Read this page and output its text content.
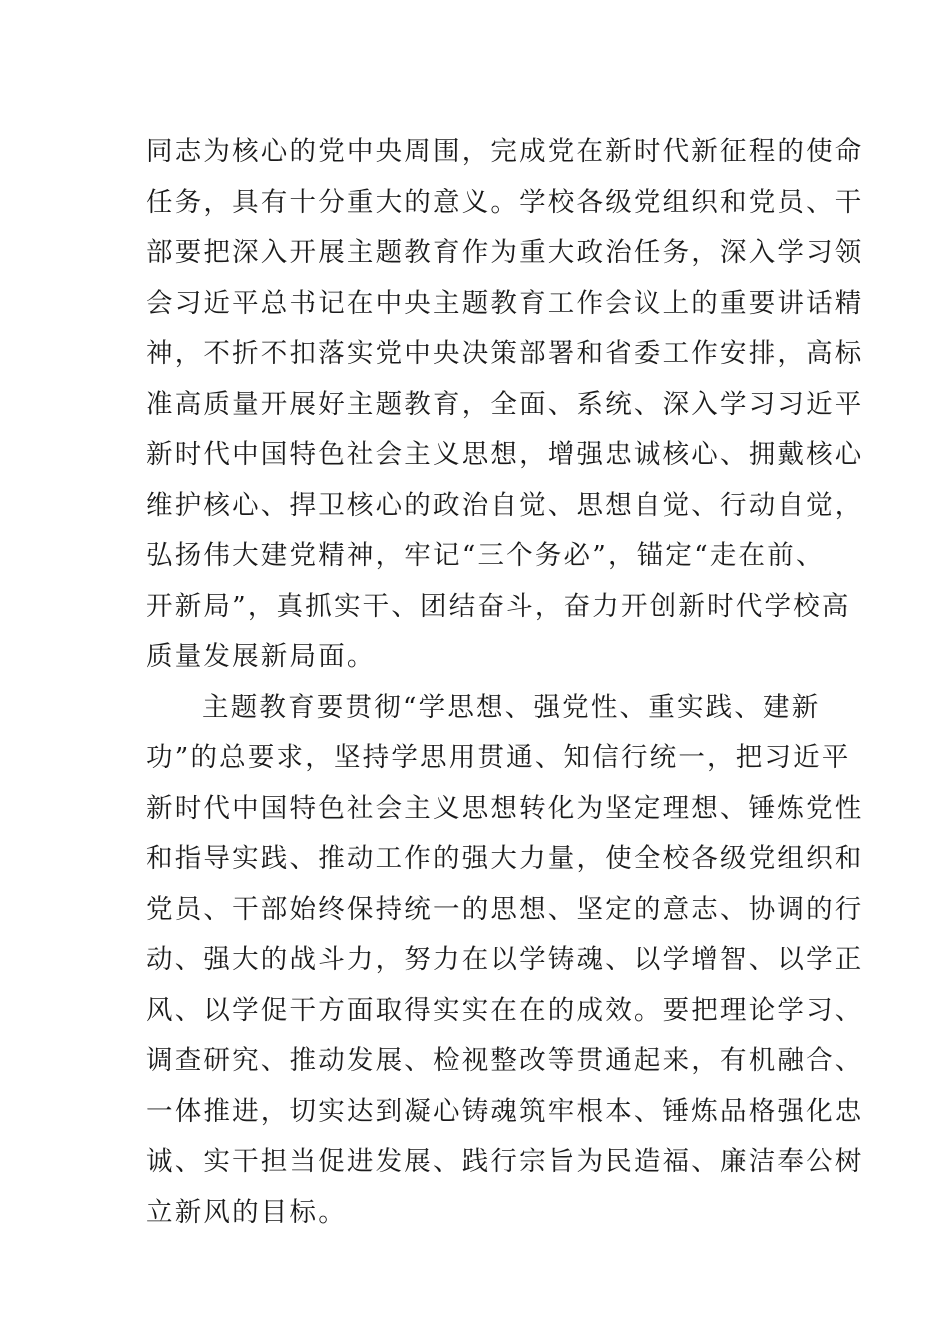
同志为核心的党中央周围，完成党在新时代新征程的使命
任务，具有十分重大的意义。学校各级党组织和党员、干
部要把深入开展主题教育作为重大政治任务，深入学习领
会习近平总书记在中央主题教育工作会议上的重要讲话精
神，不折不扣落实党中央决策部署和省委工作安排，高标
准高质量开展好主题教育，全面、系统、深入学习习近平
新时代中国特色社会主义思想，增强忠诚核心、拥戴核心
维护核心、捍卫核心的政治自觉、思想自觉、行动自觉，
弘扬伟大建党精神，牢记“三个务必”，锚定“走在前、
开新局”，真抓实干、团结奋斗，奋力开创新时代学校高
质量发展新局面。
主题教育要贯彻“学思想、强党性、重实践、建新
功”的总要求，坚持学思用贯通、知信行统一，把习近平
新时代中国特色社会主义思想转化为坚定理想、锤炼党性
和指导实践、推动工作的强大力量，使全校各级党组织和
党员、干部始终保持统一的思想、坚定的意志、协调的行
动、强大的战斗力，努力在以学铸魂、以学增智、以学正
风、以学促干方面取得实实在在的成效。要把理论学习、
调查研究、推动发展、检视整改等贯通起来，有机融合、
一体推进，切实达到凝心铸魂筑牢根本、锤炼品格强化忠
诚、实干担当促进发展、践行宗旨为民造福、廉洁奉公树
立新风的目标。
